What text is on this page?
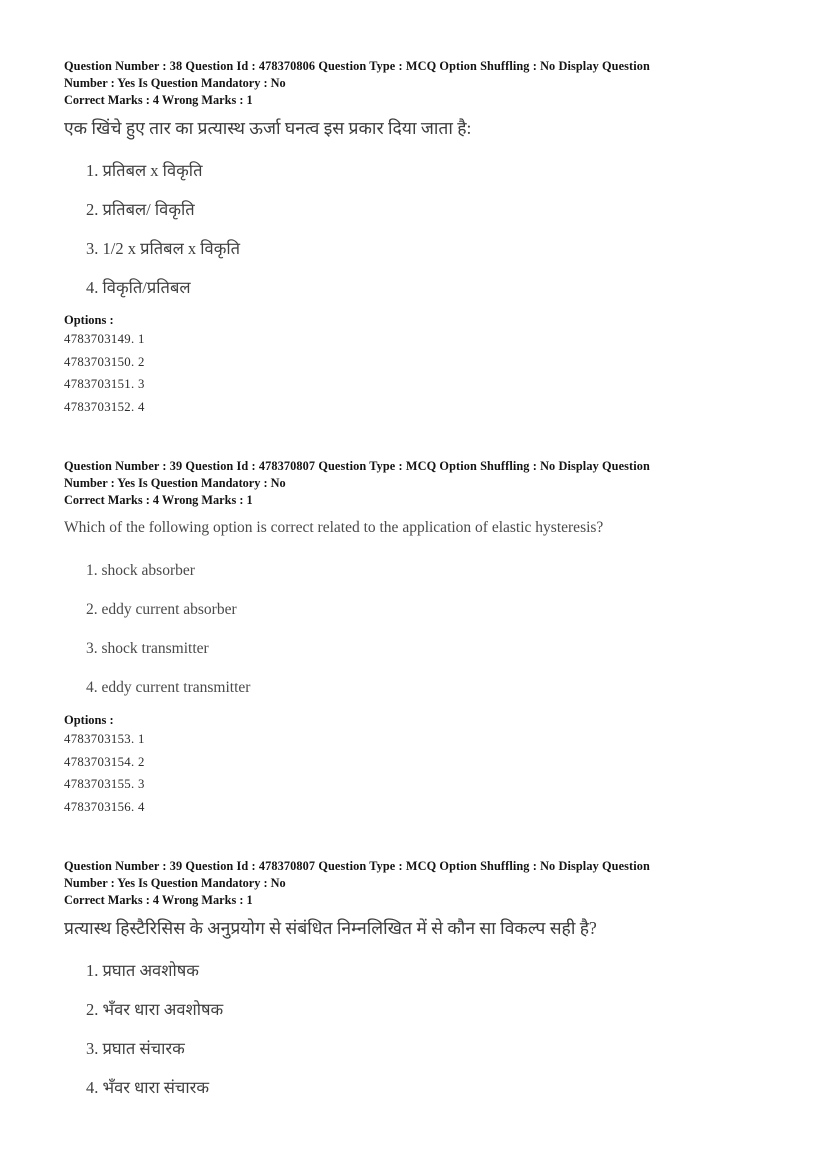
Question Number : 38 Question Id : 478370806 Question Type : MCQ Option Shuffling : No Display Question
Number : Yes Is Question Mandatory : No
Correct Marks : 4 Wrong Marks : 1
एक खिंचे हुए तार का प्रत्यास्थ ऊर्जा घनत्व इस प्रकार दिया जाता है:
1. प्रतिबल x विकृति
2. प्रतिबल/ विकृति
3. 1/2 x प्रतिबल x विकृति
4. विकृति/प्रतिबल
Options :
4783703149. 1
4783703150. 2
4783703151. 3
4783703152. 4
Question Number : 39 Question Id : 478370807 Question Type : MCQ Option Shuffling : No Display Question
Number : Yes Is Question Mandatory : No
Correct Marks : 4 Wrong Marks : 1
Which of the following option is correct related to the application of elastic hysteresis?
1. shock absorber
2. eddy current absorber
3. shock transmitter
4. eddy current transmitter
Options :
4783703153. 1
4783703154. 2
4783703155. 3
4783703156. 4
Question Number : 39 Question Id : 478370807 Question Type : MCQ Option Shuffling : No Display Question
Number : Yes Is Question Mandatory : No
Correct Marks : 4 Wrong Marks : 1
प्रत्यास्थ हिस्टैरिसिस के अनुप्रयोग से संबंधित निम्नलिखित में से कौन सा विकल्प सही है?
1. प्रघात अवशोषक
2. भँवर धारा अवशोषक
3. प्रघात संचारक
4. भँवर धारा संचारक
